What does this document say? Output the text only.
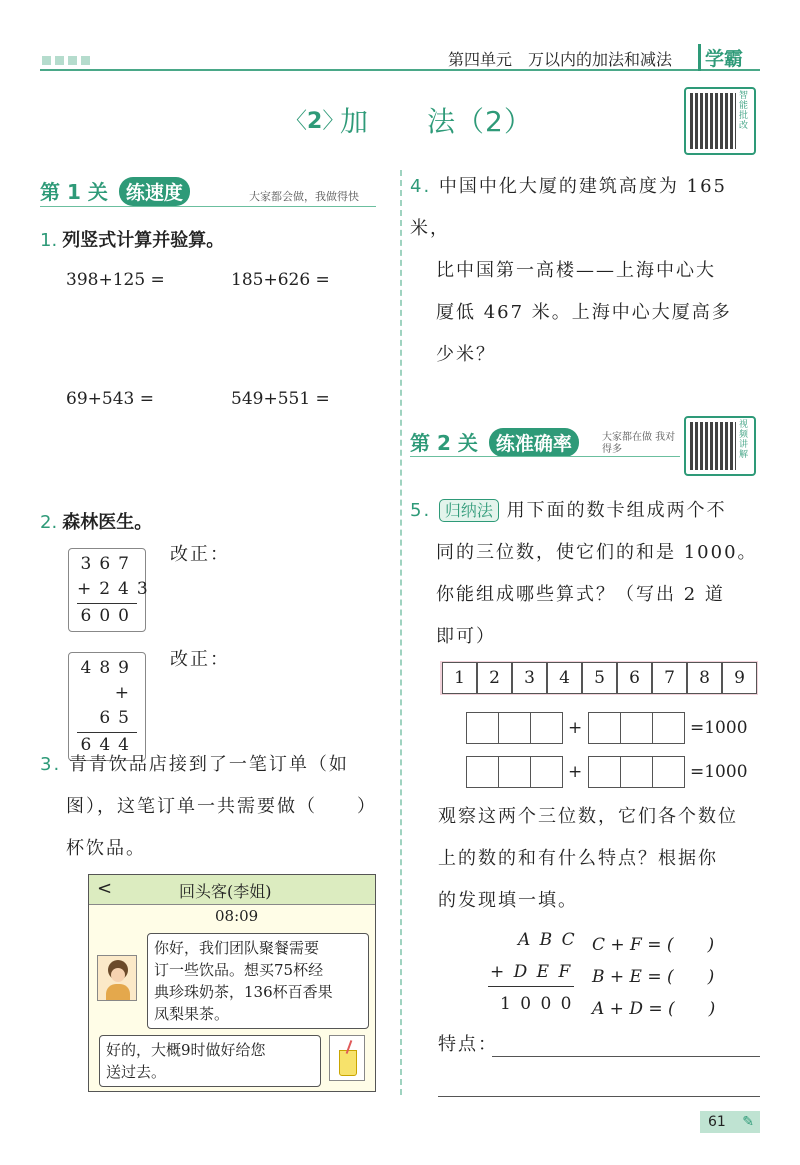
第四单元　万以内的加法和减法	学霸
智能批改
视频讲解
〈2〉
加　　法（2）
第 1 关 练速度	大家都会做，我做得快
1. 列竖式计算并验算。
398+125 =	185+626 =
69+543 =	549+551 =
2. 森林医生。
367
+243
600
改正：
489
+ 65
644
改正：
3. 青青饮品店接到了一笔订单（如
图），这笔订单一共需要做（　　）
杯饮品。
<	回头客(李姐)
08:09
你好，我们团队聚餐需要
订一些饮品。想买75杯经
典珍珠奶茶，136杯百香果
凤梨果茶。
好的，大概9时做好给您
送过去。
4. 中国中化大厦的建筑高度为 165 米，
比中国第一高楼——上海中心大
厦低 467 米。上海中心大厦高多
少米？
第 2 关 练准确率	大家都在做 我对得多
5. 归纳法 用下面的数卡组成两个不
同的三位数，使它们的和是 1000。
你能组成哪些算式？（写出 2 道
即可）
1	2	3	4	5	6	7	8	9
+	=1000
+	=1000
观察这两个三位数，它们各个数位
上的数的和有什么特点？根据你
的发现填一填。
A B C
+ D E F
1 0 0 0
C + F = (　　)
B + E = (　　)
A + D = (　　)
特点：
61 ✎
